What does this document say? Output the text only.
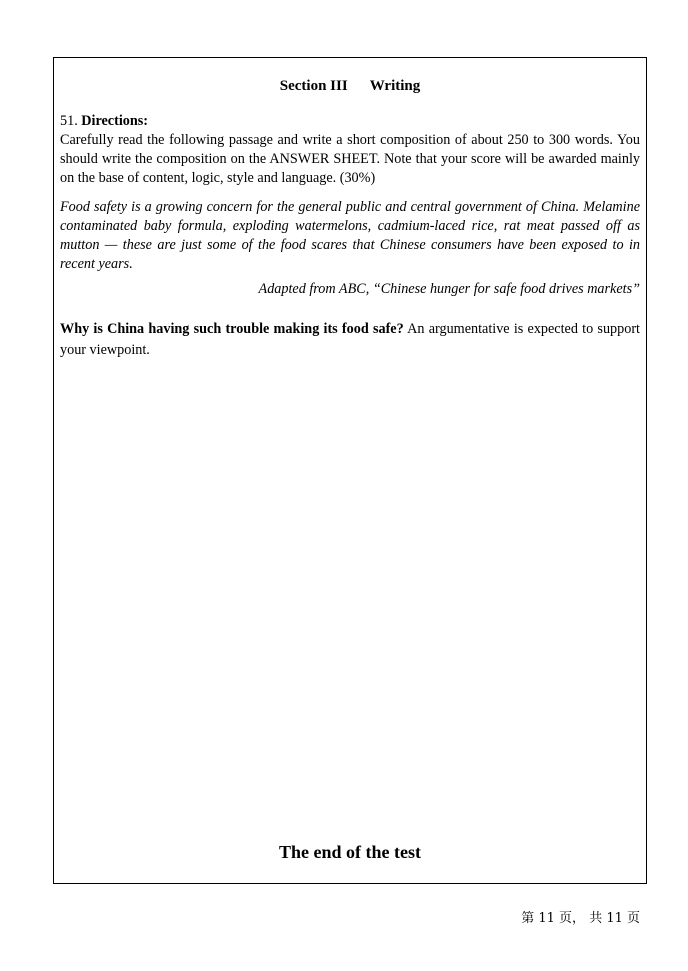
Section III Writing

51. Directions:

Carefully read the following passage and write a short composition of about 250 to 300 words. You should write the composition on the ANSWER SHEET. Note that your score will be awarded mainly on the base of content, logic, style and language. (30%)

Food safety is a growing concern for the general public and central government of China. Melamine contaminated baby formula, exploding watermelons, cadmium-laced rice, rat meat passed off as mutton — these are just some of the food scares that Chinese consumers have been exposed to in recent years.

Adapted from ABC, “Chinese hunger for safe food drives markets”

Why is China having such trouble making its food safe? An argumentative is expected to support your viewpoint.

The end of the test
第 11 页， 共 11 页
